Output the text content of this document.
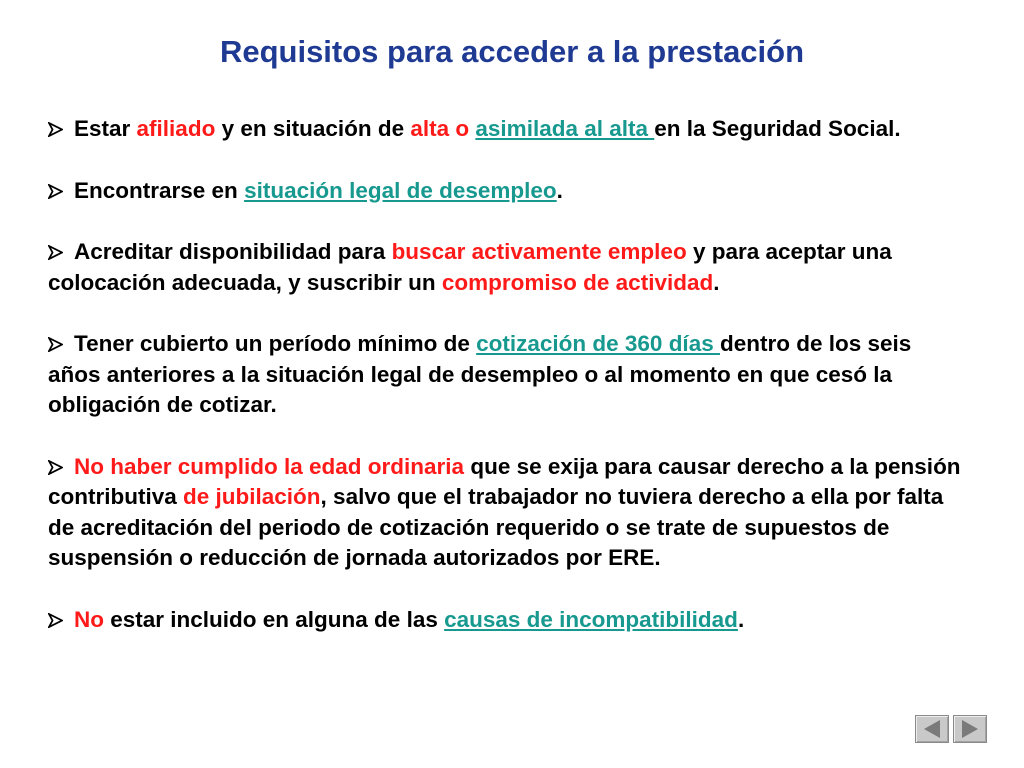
Requisitos para acceder a la prestación
Estar afiliado y en situación de alta o asimilada al alta en la Seguridad Social.
Encontrarse en situación legal de desempleo.
Acreditar disponibilidad para buscar activamente empleo y para aceptar una colocación adecuada, y suscribir un compromiso de actividad.
Tener cubierto un período mínimo de cotización de 360 días dentro de los seis años anteriores a la situación legal de desempleo o al momento en que cesó la obligación de cotizar.
No haber cumplido la edad ordinaria que se exija para causar derecho a la pensión contributiva de jubilación, salvo que el trabajador no tuviera derecho a ella por falta de acreditación del periodo de cotización requerido o se trate de supuestos de suspensión o reducción de jornada autorizados por ERE.
No estar incluido en alguna de las causas de incompatibilidad.
